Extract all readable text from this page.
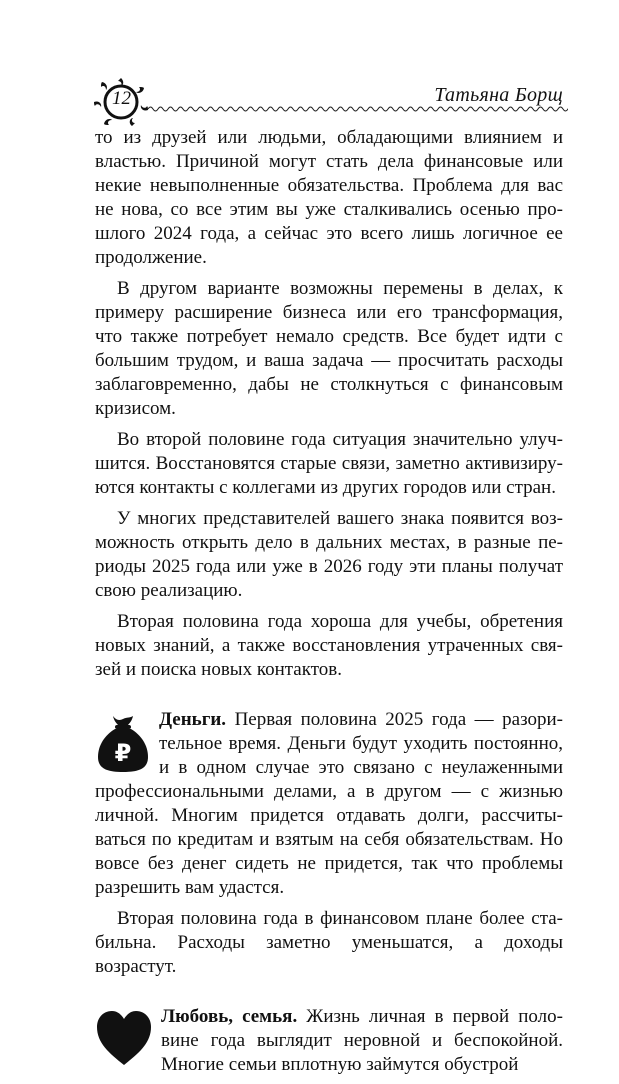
12	Татьяна Борщ

то из друзей или людьми, обладающими влиянием и властью. Причиной могут стать дела финансовые или некие невыполненные обязательства. Проблема для вас не нова, со все этим вы уже сталкивались осенью прошлого 2024 года, а сейчас это всего лишь логичное ее продолжение.

В другом варианте возможны перемены в делах, к примеру расширение бизнеса или его трансформация, что также потребует немало средств. Все будет идти с большим трудом, и ваша задача — просчитать расходы заблаговременно, дабы не столкнуться с финансовым кризисом.

Во второй половине года ситуация значительно улучшится. Восстановятся старые связи, заметно активизируются контакты с коллегами из других городов или стран.

У многих представителей вашего знака появится возможность открыть дело в дальних местах, в разные периоды 2025 года или уже в 2026 году эти планы получат свою реализацию.

Вторая половина года хороша для учебы, обретения новых знаний, а также восстановления утраченных связей и поиска новых контактов.

₽

Деньги. Первая половина 2025 года — разорительное время. Деньги будут уходить постоянно, и в одном случае это связано с неулаженными профессиональными делами, а в другом — с жизнью личной. Многим придется отдавать долги, рассчитываться по кредитам и взятым на себя обязательствам. Но вовсе без денег сидеть не придется, так что проблемы разрешить вам удастся.

Вторая половина года в финансовом плане более стабильна. Расходы заметно уменьшатся, а доходы возрастут.

Любовь, семья. Жизнь личная в первой половине года выглядит неровной и беспокойной. Многие семьи вплотную займутся обустрой
